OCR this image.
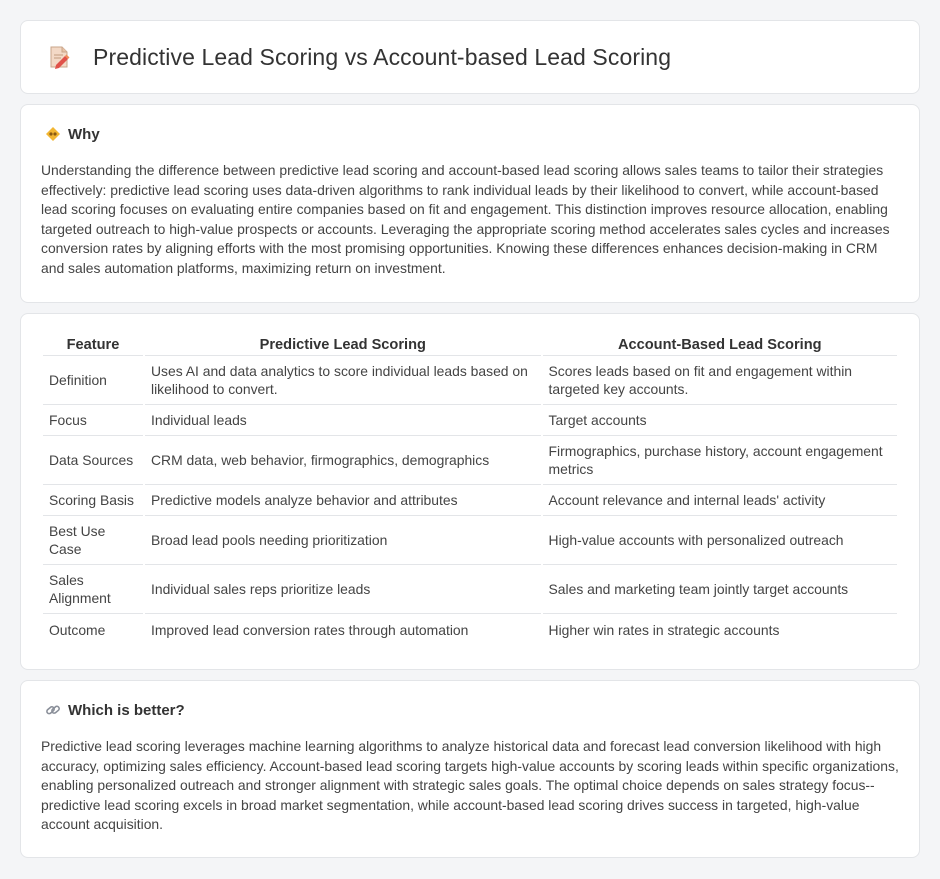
Predictive Lead Scoring vs Account-based Lead Scoring
Why

Understanding the difference between predictive lead scoring and account-based lead scoring allows sales teams to tailor their strategies effectively: predictive lead scoring uses data-driven algorithms to rank individual leads by their likelihood to convert, while account-based lead scoring focuses on evaluating entire companies based on fit and engagement. This distinction improves resource allocation, enabling targeted outreach to high-value prospects or accounts. Leveraging the appropriate scoring method accelerates sales cycles and increases conversion rates by aligning efforts with the most promising opportunities. Knowing these differences enhances decision-making in CRM and sales automation platforms, maximizing return on investment.

Feature	Predictive Lead Scoring	Account-Based Lead Scoring
Definition	Uses AI and data analytics to score individual leads based on likelihood to convert.	Scores leads based on fit and engagement within targeted key accounts.
Focus	Individual leads	Target accounts
Data Sources	CRM data, web behavior, firmographics, demographics	Firmographics, purchase history, account engagement metrics
Scoring Basis	Predictive models analyze behavior and attributes	Account relevance and internal leads' activity
Best Use Case	Broad lead pools needing prioritization	High-value accounts with personalized outreach
Sales Alignment	Individual sales reps prioritize leads	Sales and marketing team jointly target accounts
Outcome	Improved lead conversion rates through automation	Higher win rates in strategic accounts
Which is better?

Predictive lead scoring leverages machine learning algorithms to analyze historical data and forecast lead conversion likelihood with high accuracy, optimizing sales efficiency. Account-based lead scoring targets high-value accounts by scoring leads within specific organizations, enabling personalized outreach and stronger alignment with strategic sales goals. The optimal choice depends on sales strategy focus--predictive lead scoring excels in broad market segmentation, while account-based lead scoring drives success in targeted, high-value account acquisition.
